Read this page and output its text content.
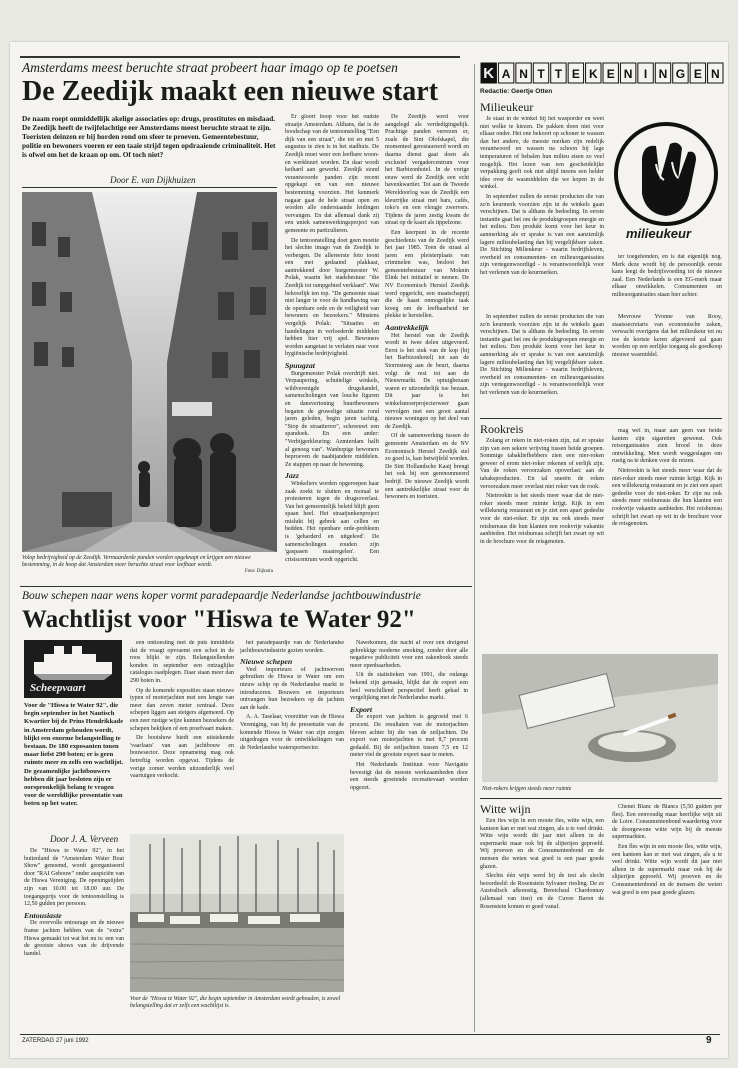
Amsterdams meest beruchte straat probeert haar imago op te poetsen
De Zeedijk maakt een nieuwe start

De naam roept onmiddellijk akelige associaties op: drugs, prostitutes en misdaad. De Zeedijk heeft de twijfelachtige eer Amsterdams meest beruchte straat te zijn. Toeristen deinzen er bij horden rond om sfeer te proeven. Gemeentebestuur, politie en bewoners voeren er een taaie strijd tegen opdraaiende criminaliteit. Het is ofwel om het de kraan op om. Of toch niet?

Door E. van Dijkhuizen
Volop bedrijvigheid op de Zeedijk. Vermaarderde panden worden opgeknapt en krijgen een nieuwe bestemming, in de hoop dat Amsterdam meer beruchte straat voor leefbaar wordt.
Foto: Dijkstra

Er gloort hoop voor het oudste straatje Amsterdam. Althans, dat is de boodschap van de tentoonstelling "Een dijk van een straat", die tot en met 5 augustus te zien is in het stadhuis. De Zeedijk moet weer een leefbare woon- en werkbuurt worden. En daar wordt keihard aan gewerkt. Zeedijk stond verantwoorde panden zijn recent opgekapt en van een nieuwe bestemming voorzien. Het kenmerk nagaar gaat de hele straat open en worden alle onderstaande leidingen vervangen. En dat allemaal dank zij een uniek samenwerkingsproject van gemeente en particulieren.

De tentoonstelling doet geen moeite het slechte imago van de Zeedijk te verbergen. De allereerste foto toont een met gedaamd plakkaat, aantrekkend door burgemeester W. Polak, waarin het stadsbestuur "die Zeedijk tot rampgebied verklaart". Wat behoorlijk ten top. "De gemeente staat niet langer te voor de handhaving van de openbare orde en de veiligheid van bewoners en bezoekers." Minstens vergelijk Polak: "Situaties en handelingen in verloederde middelen hebben hier vrij spel. Bewoners worden aangetast te verlaten naar voor hygiënische bedrijvigheid.

Spuugzat

Burgemeester Polak overdrijft niet. Verpaupering, schuitelige winkels, wildverenigde drugshandel, samenscholingen van louche figuren en dansvertoning buurtbewoners begaten de gruwelige situatie rond jaren geleden, begin jaren tachtig. "Stop de straatterror", schreeuwt een spandoek. En een ander: "Verbijgerkleuring: Azmterdam halft al genoeg van". Wanhopige bewoners beproeven de naabijandere middelen. Ze stappen op naar de bewoning.

Jazz

Winkeliers worden opgeroepen haar zaak zoekt te sluiten en moraal te protesteren tegen de drugsoverlast. Van het gemeentelijk beleid blijft geen spaan heel. Het straatjunkenproject mislukt bij gebrek aan cellen en bedden. Het openbare orde-probleem is 'geharderd en uitgeleed'. De samenscholingen zouden zijn 'gaspasen maatregelen'. Een crisiscentrum wordt opgericht.

De Zeedijk werd voor aangelegd als verdedigingsdijk. Prachtige panden verrezen er, zoals de Sint Olofskapel, die momenteel gerestaureerd wordt en daarna dienst gaat doen als exclusief vergadercentrum voor het Barbizonhotel. In de vorige eeuw werd de Zeedijk een echt havenkwartier. Tot aan de Tweede Wereldoorlog was de Zeedijk een kleurrijke straat met bars, cafés, toko's en een vleugje zwervers. Tijdens de jaren zestig kwam de straat op de kaart als tippelzone.

Een keerpunt in de recente geschiedenis van de Zeedijk werd het jaar 1985. Toen de straat al jaren een pleisterplaats van criminelen was, besloot het gemeentebestuur van Moknin Elink het initiatief te nemen. De NV Economisch Herstel Zeedijk werd opgericht, een maatschappij die de haast onmogelijke taak kreeg om de leefbaarheid ter plekke te herstellen.

Aantrekkelijk

Het herstel van de Zeedijk wordt in twee delen uitgevoerd. Eerst is het stuk van de kop (bij het Barbizonhotel) tot aan de Stormsteeg aan de beurt, daarna volgt de rest tot aan de Nieuwmarkt. De optuigbezaan waren er uitzonderlijk toe bezaan. Dit jaar is het winkelsmoerprojecterweer gaan vervolgen met een groot aantal nieuwe woningen op het deel van de Zeedijk.

Of de samenwerking tussen de gemeente Amsterdam en de NV Economisch Herstel Zeedijk stel zo goed is, kan betwijfeld worden. De Sint Hollandsche Kaaij brengt het ook bij een gerenommeerd bedrijf. De nieuwe Zeedijk wordt een aantrekkelijke straat voor de bewoners en toeristen.

K A N T T E K E N I N G E N
Redactie: Geertje Otten
Milieukeur

Je staat in de winkel bij het wasporder en weet niet welke te kiezen. De pakken doen niet voor elkaar onder. Het ene bekoort op schoner te wassen dan het andere, de meeste merken zijn redelijk verantwoord en wassen na schoon bij lage temperaturen of behalen hun milieu eisen zo veel mogelijk. Het lezen van een gescheidelijke verpakking geeft ook niet altijd ineens een helder idee over de wasmiddelen die we kopen in de winkel.

In september zullen de eerste producten die van zo'n keurmerk voorzien zijn in de winkels gaan verschijnen. Dat is althans de bedoeling. In eerste instantie gaat het om de produktgroepen energie en het milieu. Een produkt komt voor het keur in aanmerking als er sprake is van een aanzienlijk lagere milieubelasting dan bij vergelijkbare zaken. De Stichting Milieukeur - waarin bedrijfsleven, overheid en consumenten- en milieuorganisaties zijn vertegenwoordigd - is verantwoordelijk voor het verlenen van de keurmerken.

milieukeur

ter toegehonden, en is dat eigenlijk nog. Merk deze wordt bij de persoonlijk eerste kans leegt de bedrijfsvoeding tot de nieuwe zaal. Een Nederlands is een EG-merk maar elkaar onwikkelen. Consumenten en milieuorganisaties staan hier achter.

Mevrouw Yvonne van Rooy, staatssecretaris van economische zaken, verwacht overigens dat het milieukeur tot nu toe de kortste keren afgevoerd zal gaan worden op een eerlijke toegang als goedkoop nieuwe wasmiddel.

In september zullen de eerste producten die van zo'n keurmerk voorzien zijn in de winkels gaan verschijnen. Dat is althans de bedoeling. In eerste instantie gaat het om de produktgroepen energie en het milieu. Een produkt komt voor het keur in aanmerking als er sprake is van een aanzienlijk lagere milieubelasting dan bij vergelijkbare zaken. De Stichting Milieukeur - waarin bedrijfsleven, overheid en consumenten- en milieuorganisaties zijn vertegenwoordigd - is verantwoordelijk voor het verlenen van de keurmerken.

Rookreis

Zolang er reken in niet-roken zijn, zal er sprake zijn van een sekere wrijving tussen beide groepen. Sommige tabakliefhebbers zien een nier-roken geweer of erom niet-roker rekenen of eerlijk zijn. Van de roken veroorzaken opoverlast: aan de tabaksproducten. En tal sneeën de roken veroorzaken meer overlast niet roker van de rook.

Nietrookin is het steeds meer waar dat de niet-roker steeds meer ruimte krijgt. Kijk in een willekeurig restaurant en je ziet een apart gedeelte voor de niet-roker. Er zijn nu ook steeds meer reisbureaus die hun klanten een rookvrije vakantie aanbieden. Het reisbureau schrijft het zwart op wit in de brochure voor de reisgenoten.

mag wel in, maar aan geen van beide kanten zijn sigaretten gewenst. Ook reisorganisaties zien brood in deze ontwikkeling. Men wordt weggeslagen om rustig na te denken voor de reizen.

Nietrookin is het steeds meer waar dat de niet-roker steeds meer ruimte krijgt. Kijk in een willekeurig restaurant en je ziet een apart gedeelte voor de niet-roker. Er zijn nu ook steeds meer reisbureaus die hun klanten een rookvrije vakantie aanbieden. Het reisbureau schrijft het zwart op wit in de brochure voor de reisgenoten.

Niet-rokers krijgen steeds meer ruimte
Witte wijn

Een fles wijn in een mooie fles, witte wijn, een kanteen kan er met wat zingen, als u te veel drinkt. Witte wijn wordt dit jaar niet alleen in de supermarkt maar ook bij de slijterijen geproefd. Wij proeven en de Consumentenbond en de mensen die weten wat goed is een paar goede glazen.

Slechts één wijn werd bij de test als slecht beoordeeld: de Rosenstein Sylvaner riesling. De ze Australisch afkomstig. Bereichaul Chardonnay (allemaal van tien) en de Cuvee Baron de Rosenstein komen er goed vanaf.

Chenet Blanc de Blancs (5,50 gulden per fles). Een eenvoudig maar heerlijke wijn uit de Loire. Consumentenbond waardering voor de doorgewone witte wijn bij de meeste supermarkten.

Een fles wijn in een mooie fles, witte wijn, een kanteen kan er met wat zingen, als u te veel drinkt. Witte wijn wordt dit jaar niet alleen in de supermarkt maar ook bij de slijterijen geproefd. Wij proeven en de Consumentenbond en de mensen die weten wat goed is een paar goede glazen.

Bouw schepen naar wens koper vormt paradepaardje Nederlandse jachtbouwindustrie
Wachtlijst voor "Hiswa te Water 92"
Scheepvaart

Voor de "Hiswa te Water 92", die begin september in het Nautisch Kwartier bij de Prins Hendrikkade in Amsterdam gehouden wordt, blijkt een enorme belangstelling te bestaan. De 180 exposanten tonen maar liefst 290 boten; er is geen ruimte meer en zelfs een wachtlijst. De gezamenlijke jachtbouwers hebben dit jaar besloten zijn er oorspronkelijk belang te vragen voor de wereldlijke presentatie van boten op het water.

Door J. A. Verveen

De "Hiswa te Water 92", in het buitenland de "Amsterdam Water Boat Show" genoemd, wordt georganiseerd door "RAI Gebouw" onder auspiciën van de Hiswa Vereniging. De openingstijden zijn van 10.00 tot 18.00 uur. De toegangsprijs voor de tentoonstelling is 12,50 gulden per persoon.

Entousiaste

De overvolle entourage en de nieuwe franse jachten hebben van de "extra" Hiswa gemaakt tot wat het nu is: een van de grootste shows van de drijvende handel.

een onttoesting met de puts inmiddels dat de vraagt opvraemt een schot in de roos blijkt te zijn. Belangstellenden konden in september een ontzaglijke catalogus raadplegen. Daar staan meer dan 290 boten in.

Op de komende exposities staan nieuwe typen of motorjachten met een lengte van meer dan zeven meter centraal. Deze schepen liggen aan steigers afgemeerd. Op een zeer rustige wijze kunnen bezoekers de schepen bekijken of een proefvaart maken.

De bootshow biedt een uitstekende 'vaarlaats' van aan jachtbouw en bouwsector. Deze opnameing mag ook betreftig worden opgevat. Tijdens de vorige zomer werden uitzonderlijk veel vaartuigen verkocht.

het paradepaardje van de Nederlandse jachtbouwindustrie gezien worden.

Nieuwe schepen

Veel importeurs of jachtwerven gebruiken de Hiswa te Water om een nieuw schip op de Nederlandse markt te introduceren. Bouwers en importeurs ontvangen hun bezoekers op de jachten aan de kade.

A. A. Taselaar, voorzitter van de Hiswa Vereniging, van bij de presentatie van de komende Hiswa te Water van zijn zorgen uitgedragen voor de ontwikkelingen van de Nederlandse watersportsector.

Nawekomen, die nacht af over een dreigend gebrekkige moderne smoking, zonder door alle negatieve publiciteit voor een zakenboek steeds meer openbaarheden.

Uit de statistieken van 1991, die onlangs bekend zijn gemaakt, blijkt dat de export een heel verschillend perspectief heeft gehad in vergelijking met de Nederlandse markt.

Export

De export van jachten is gegroeid met 6 procent. De resultaten van de motorjachten bleven achter bij die van de zeiljachten. De export van motorjachten is met 8,7 procent gedaald. Bij de zeiljachten tussen 7,5 en 12 meter viel de grootste export naar te meten.

Het Nederlands Instituut voor Navigatie bevestigt dat de meeste werkzaamheden door een steeds groeiende recreatievaart worden opgezet.

Voor de "Hiswa te Water 92", die begin september in Amsterdam wordt gehouden, is zowel belangstelling dat er zelfs een wachtlijst is.
ZATERDAG 27 juni 1992	9
